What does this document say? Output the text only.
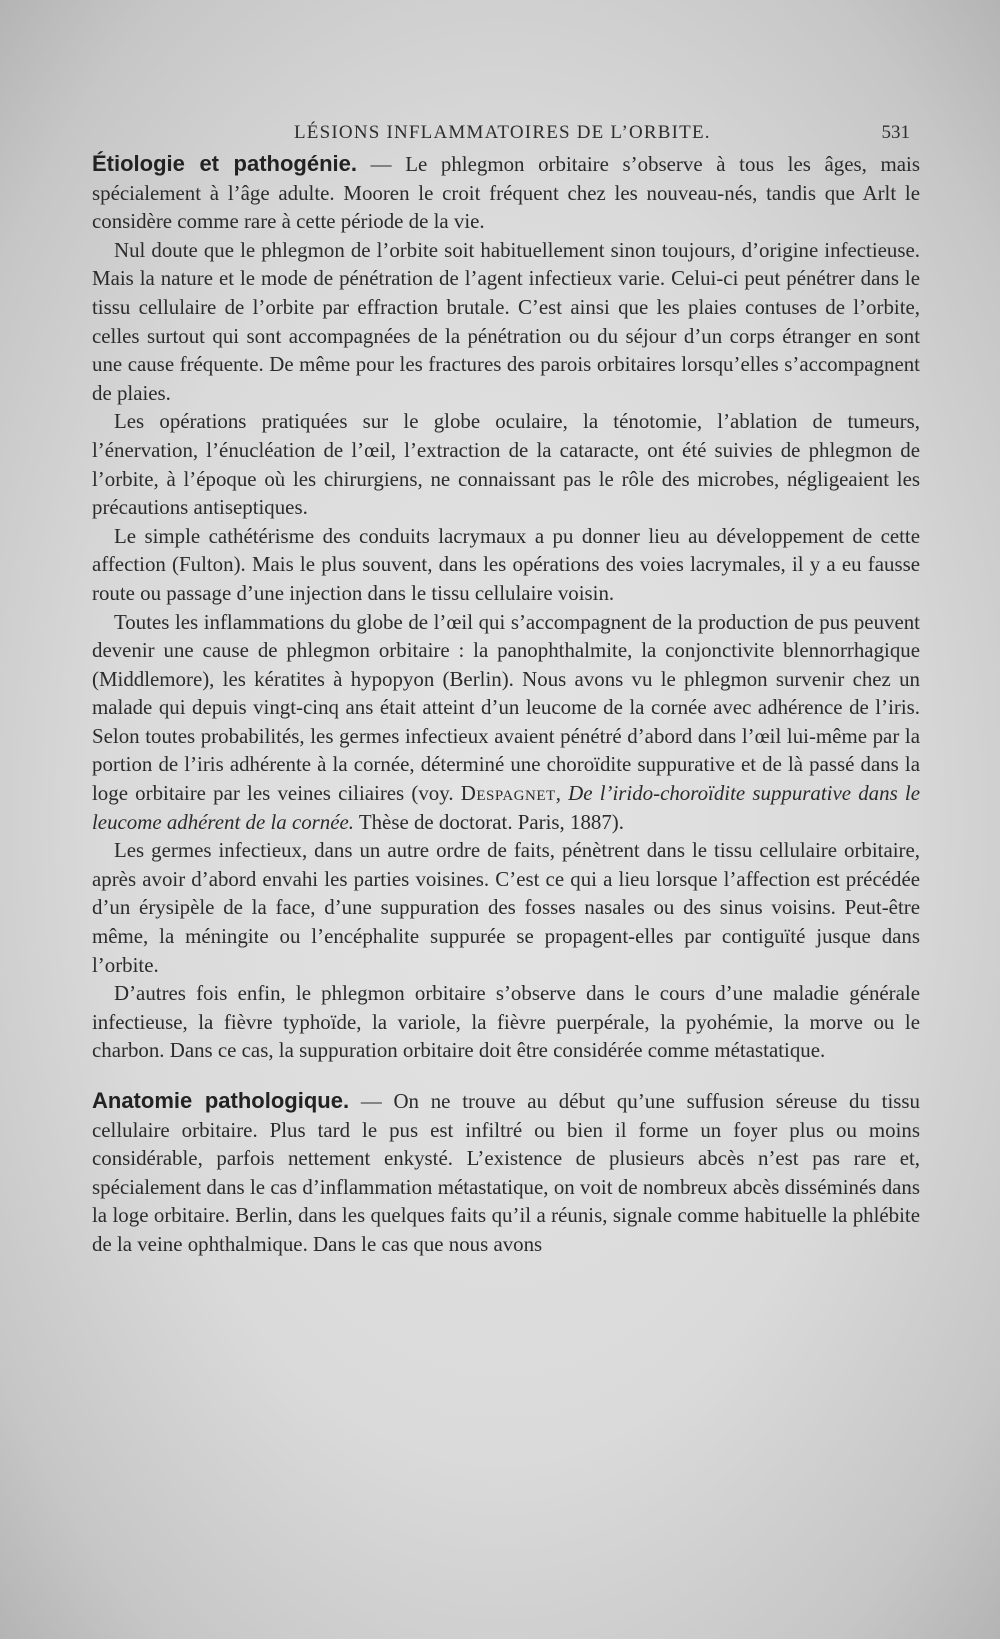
LÉSIONS INFLAMMATOIRES DE L’ORBITE.	531

Étiologie et pathogénie. — Le phlegmon orbitaire s’observe à tous les âges, mais spécialement à l’âge adulte. Mooren le croit fréquent chez les nouveau-nés, tandis que Arlt le considère comme rare à cette période de la vie.

Nul doute que le phlegmon de l’orbite soit habituellement sinon toujours, d’origine infectieuse. Mais la nature et le mode de pénétration de l’agent infectieux varie. Celui-ci peut pénétrer dans le tissu cellulaire de l’orbite par effraction brutale. C’est ainsi que les plaies contuses de l’orbite, celles surtout qui sont accompagnées de la pénétration ou du séjour d’un corps étranger en sont une cause fréquente. De même pour les fractures des parois orbitaires lorsqu’elles s’accompagnent de plaies.

Les opérations pratiquées sur le globe oculaire, la ténotomie, l’ablation de tumeurs, l’énervation, l’énucléation de l’œil, l’extraction de la cataracte, ont été suivies de phlegmon de l’orbite, à l’époque où les chirurgiens, ne connaissant pas le rôle des microbes, négligeaient les précautions antiseptiques.

Le simple cathétérisme des conduits lacrymaux a pu donner lieu au développement de cette affection (Fulton). Mais le plus souvent, dans les opérations des voies lacrymales, il y a eu fausse route ou passage d’une injection dans le tissu cellulaire voisin.

Toutes les inflammations du globe de l’œil qui s’accompagnent de la production de pus peuvent devenir une cause de phlegmon orbitaire : la panophthalmite, la conjonctivite blennorrhagique (Middlemore), les kératites à hypopyon (Berlin). Nous avons vu le phlegmon survenir chez un malade qui depuis vingt-cinq ans était atteint d’un leucome de la cornée avec adhérence de l’iris. Selon toutes probabilités, les germes infectieux avaient pénétré d’abord dans l’œil lui-même par la portion de l’iris adhérente à la cornée, déterminé une choroïdite suppurative et de là passé dans la loge orbitaire par les veines ciliaires (voy. Despagnet, De l’irido-choroïdite suppurative dans le leucome adhérent de la cornée. Thèse de doctorat. Paris, 1887).

Les germes infectieux, dans un autre ordre de faits, pénètrent dans le tissu cellulaire orbitaire, après avoir d’abord envahi les parties voisines. C’est ce qui a lieu lorsque l’affection est précédée d’un érysipèle de la face, d’une suppuration des fosses nasales ou des sinus voisins. Peut-être même, la méningite ou l’encéphalite suppurée se propagent-elles par contiguïté jusque dans l’orbite.

D’autres fois enfin, le phlegmon orbitaire s’observe dans le cours d’une maladie générale infectieuse, la fièvre typhoïde, la variole, la fièvre puerpérale, la pyohémie, la morve ou le charbon. Dans ce cas, la suppuration orbitaire doit être considérée comme métastatique.

Anatomie pathologique. — On ne trouve au début qu’une suffusion séreuse du tissu cellulaire orbitaire. Plus tard le pus est infiltré ou bien il forme un foyer plus ou moins considérable, parfois nettement enkysté. L’existence de plusieurs abcès n’est pas rare et, spécialement dans le cas d’inflammation métastatique, on voit de nombreux abcès disséminés dans la loge orbitaire. Berlin, dans les quelques faits qu’il a réunis, signale comme habituelle la phlébite de la veine ophthalmique. Dans le cas que nous avons
